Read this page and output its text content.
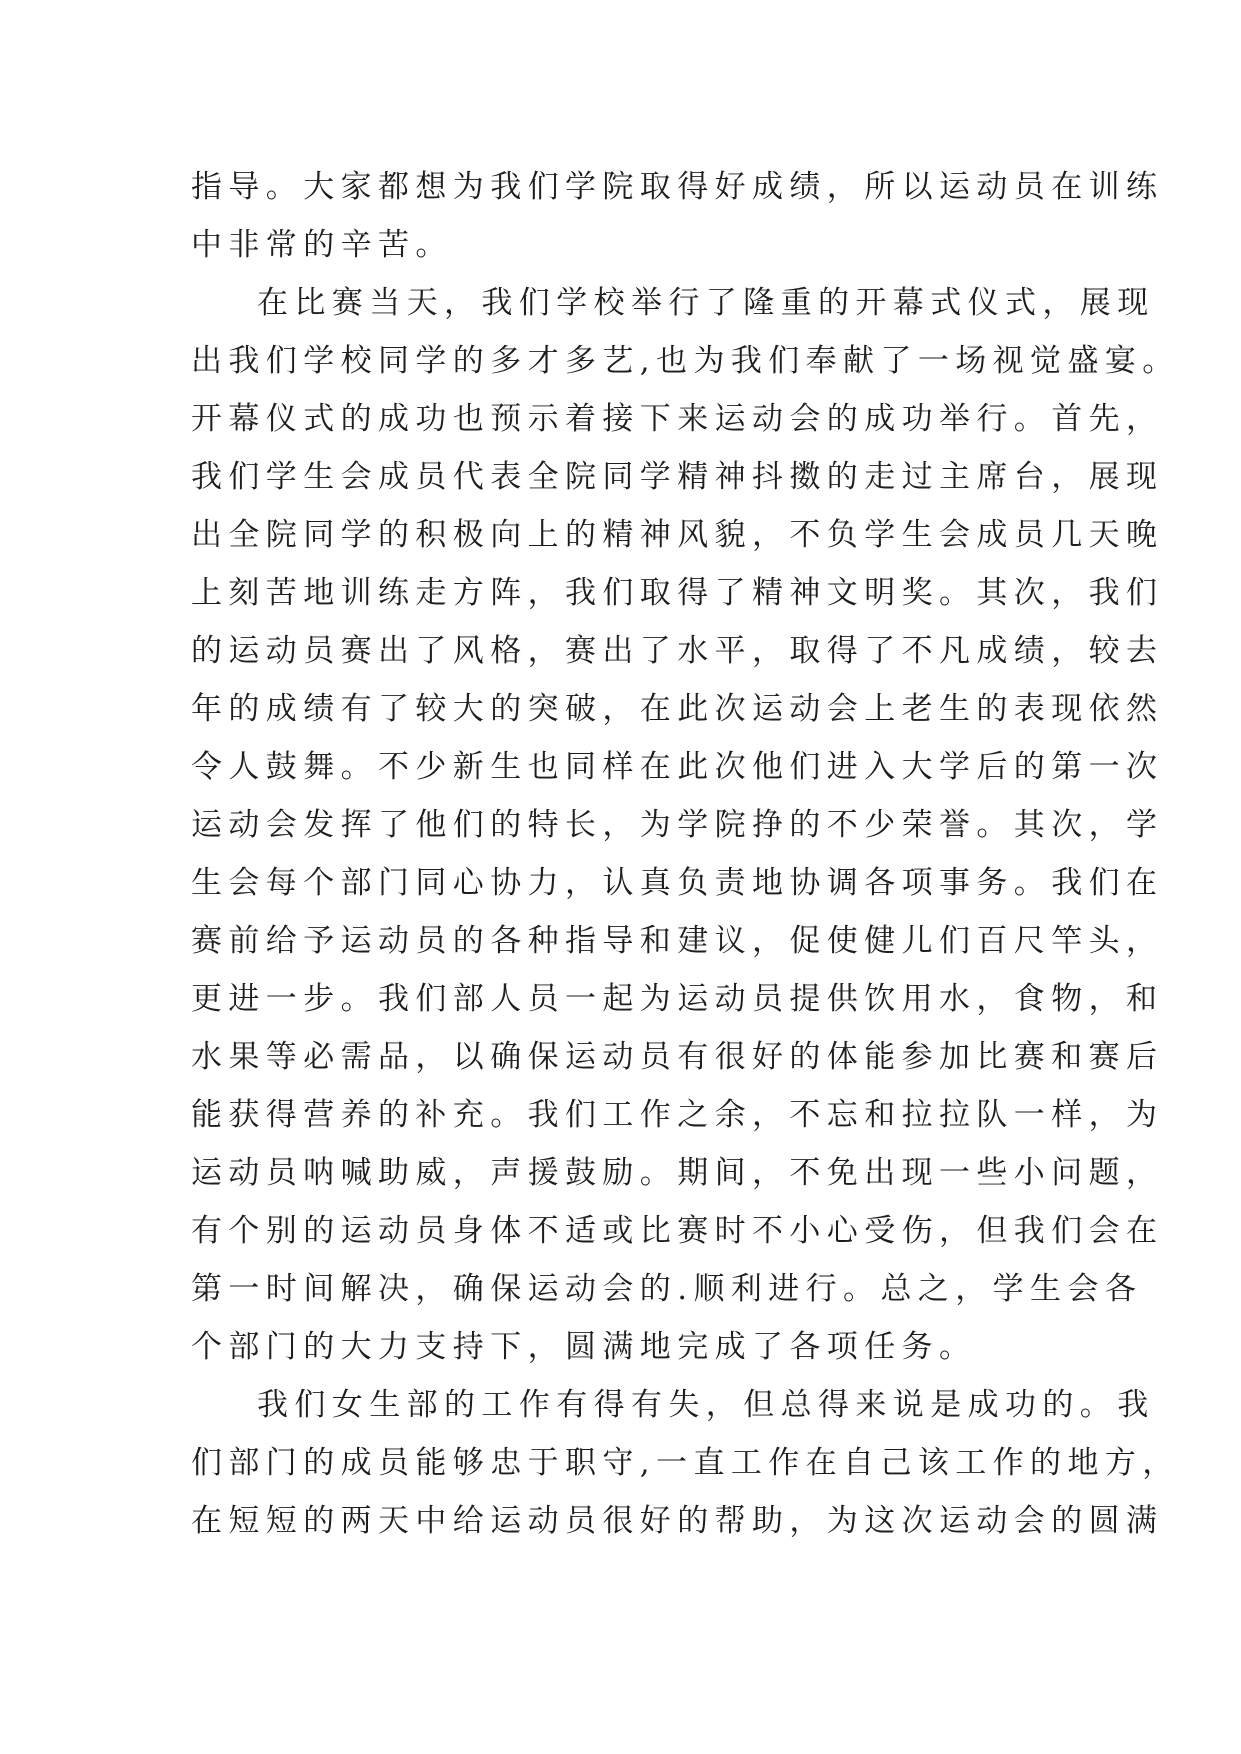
指导。大家都想为我们学院取得好成绩，所以运动员在训练
中非常的辛苦。
在比赛当天，我们学校举行了隆重的开幕式仪式，展现
出我们学校同学的多才多艺,也为我们奉献了一场视觉盛宴。
开幕仪式的成功也预示着接下来运动会的成功举行。首先，
我们学生会成员代表全院同学精神抖擞的走过主席台，展现
出全院同学的积极向上的精神风貌，不负学生会成员几天晚
上刻苦地训练走方阵，我们取得了精神文明奖。其次，我们
的运动员赛出了风格，赛出了水平，取得了不凡成绩，较去
年的成绩有了较大的突破，在此次运动会上老生的表现依然
令人鼓舞。不少新生也同样在此次他们进入大学后的第一次
运动会发挥了他们的特长，为学院挣的不少荣誉。其次，学
生会每个部门同心协力，认真负责地协调各项事务。我们在
赛前给予运动员的各种指导和建议，促使健儿们百尺竿头，
更进一步。我们部人员一起为运动员提供饮用水，食物，和
水果等必需品，以确保运动员有很好的体能参加比赛和赛后
能获得营养的补充。我们工作之余，不忘和拉拉队一样，为
运动员呐喊助威，声援鼓励。期间，不免出现一些小问题，
有个别的运动员身体不适或比赛时不小心受伤，但我们会在
第一时间解决，确保运动会的.顺利进行。总之，学生会各
个部门的大力支持下，圆满地完成了各项任务。
我们女生部的工作有得有失，但总得来说是成功的。我
们部门的成员能够忠于职守,一直工作在自己该工作的地方，
在短短的两天中给运动员很好的帮助，为这次运动会的圆满
